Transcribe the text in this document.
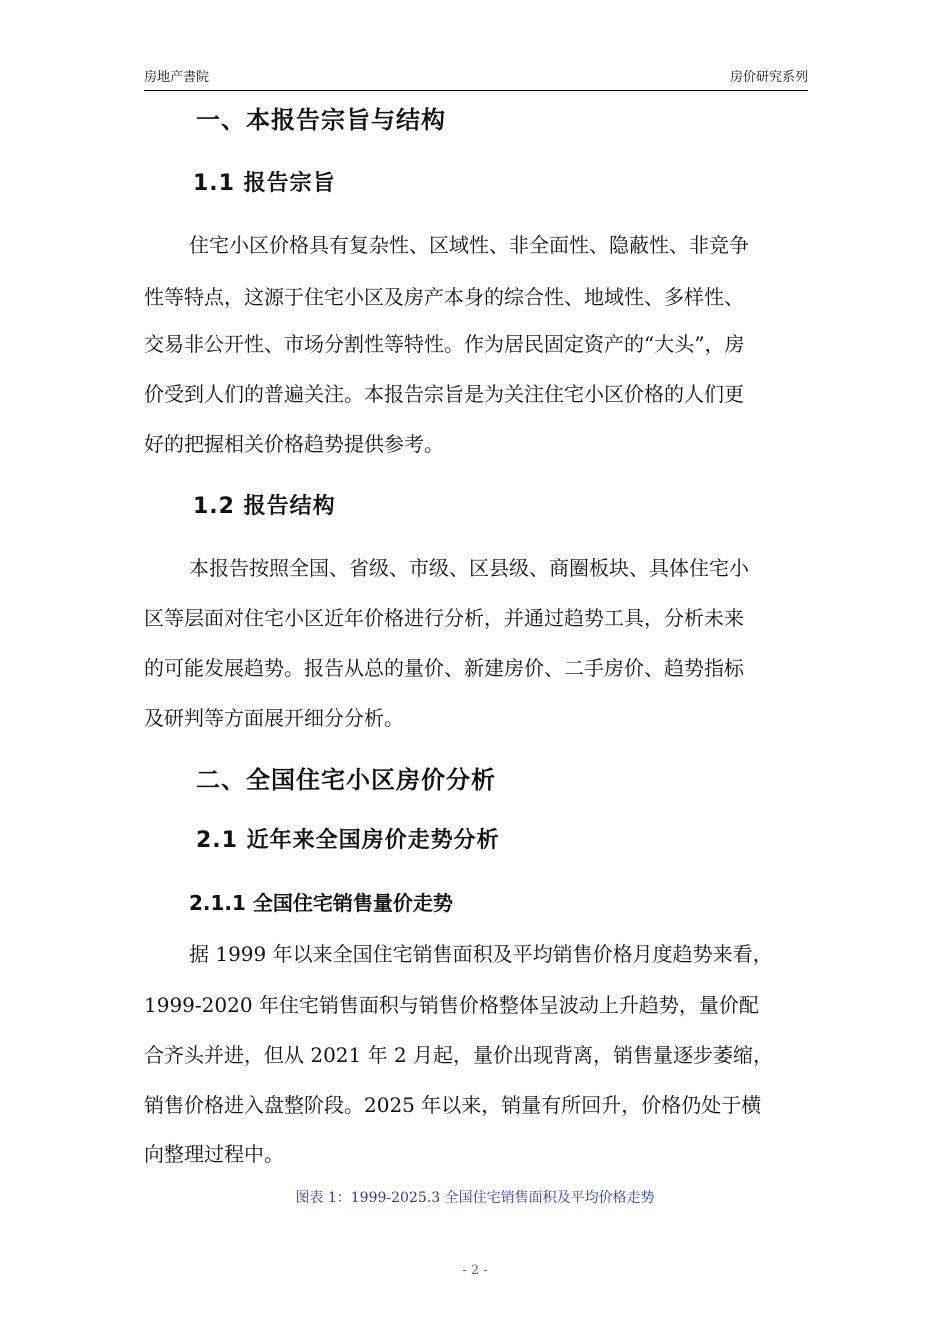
房地产書院	房价研究系列
一、本报告宗旨与结构
1.1 报告宗旨
住宅小区价格具有复杂性、区域性、非全面性、隐蔽性、非竞争
性等特点，这源于住宅小区及房产本身的综合性、地域性、多样性、
交易非公开性、市场分割性等特性。作为居民固定资产的“大头”，房
价受到人们的普遍关注。本报告宗旨是为关注住宅小区价格的人们更
好的把握相关价格趋势提供参考。
1.2 报告结构
本报告按照全国、省级、市级、区县级、商圈板块、具体住宅小
区等层面对住宅小区近年价格进行分析，并通过趋势工具，分析未来
的可能发展趋势。报告从总的量价、新建房价、二手房价、趋势指标
及研判等方面展开细分分析。
二、全国住宅小区房价分析
2.1 近年来全国房价走势分析
2.1.1 全国住宅销售量价走势
据 1999 年以来全国住宅销售面积及平均销售价格月度趋势来看，
1999-2020 年住宅销售面积与销售价格整体呈波动上升趋势，量价配
合齐头并进，但从 2021 年 2 月起，量价出现背离，销售量逐步萎缩，
销售价格进入盘整阶段。2025 年以来，销量有所回升，价格仍处于横
向整理过程中。
图表 1：1999-2025.3 全国住宅销售面积及平均价格走势
- 2 -
